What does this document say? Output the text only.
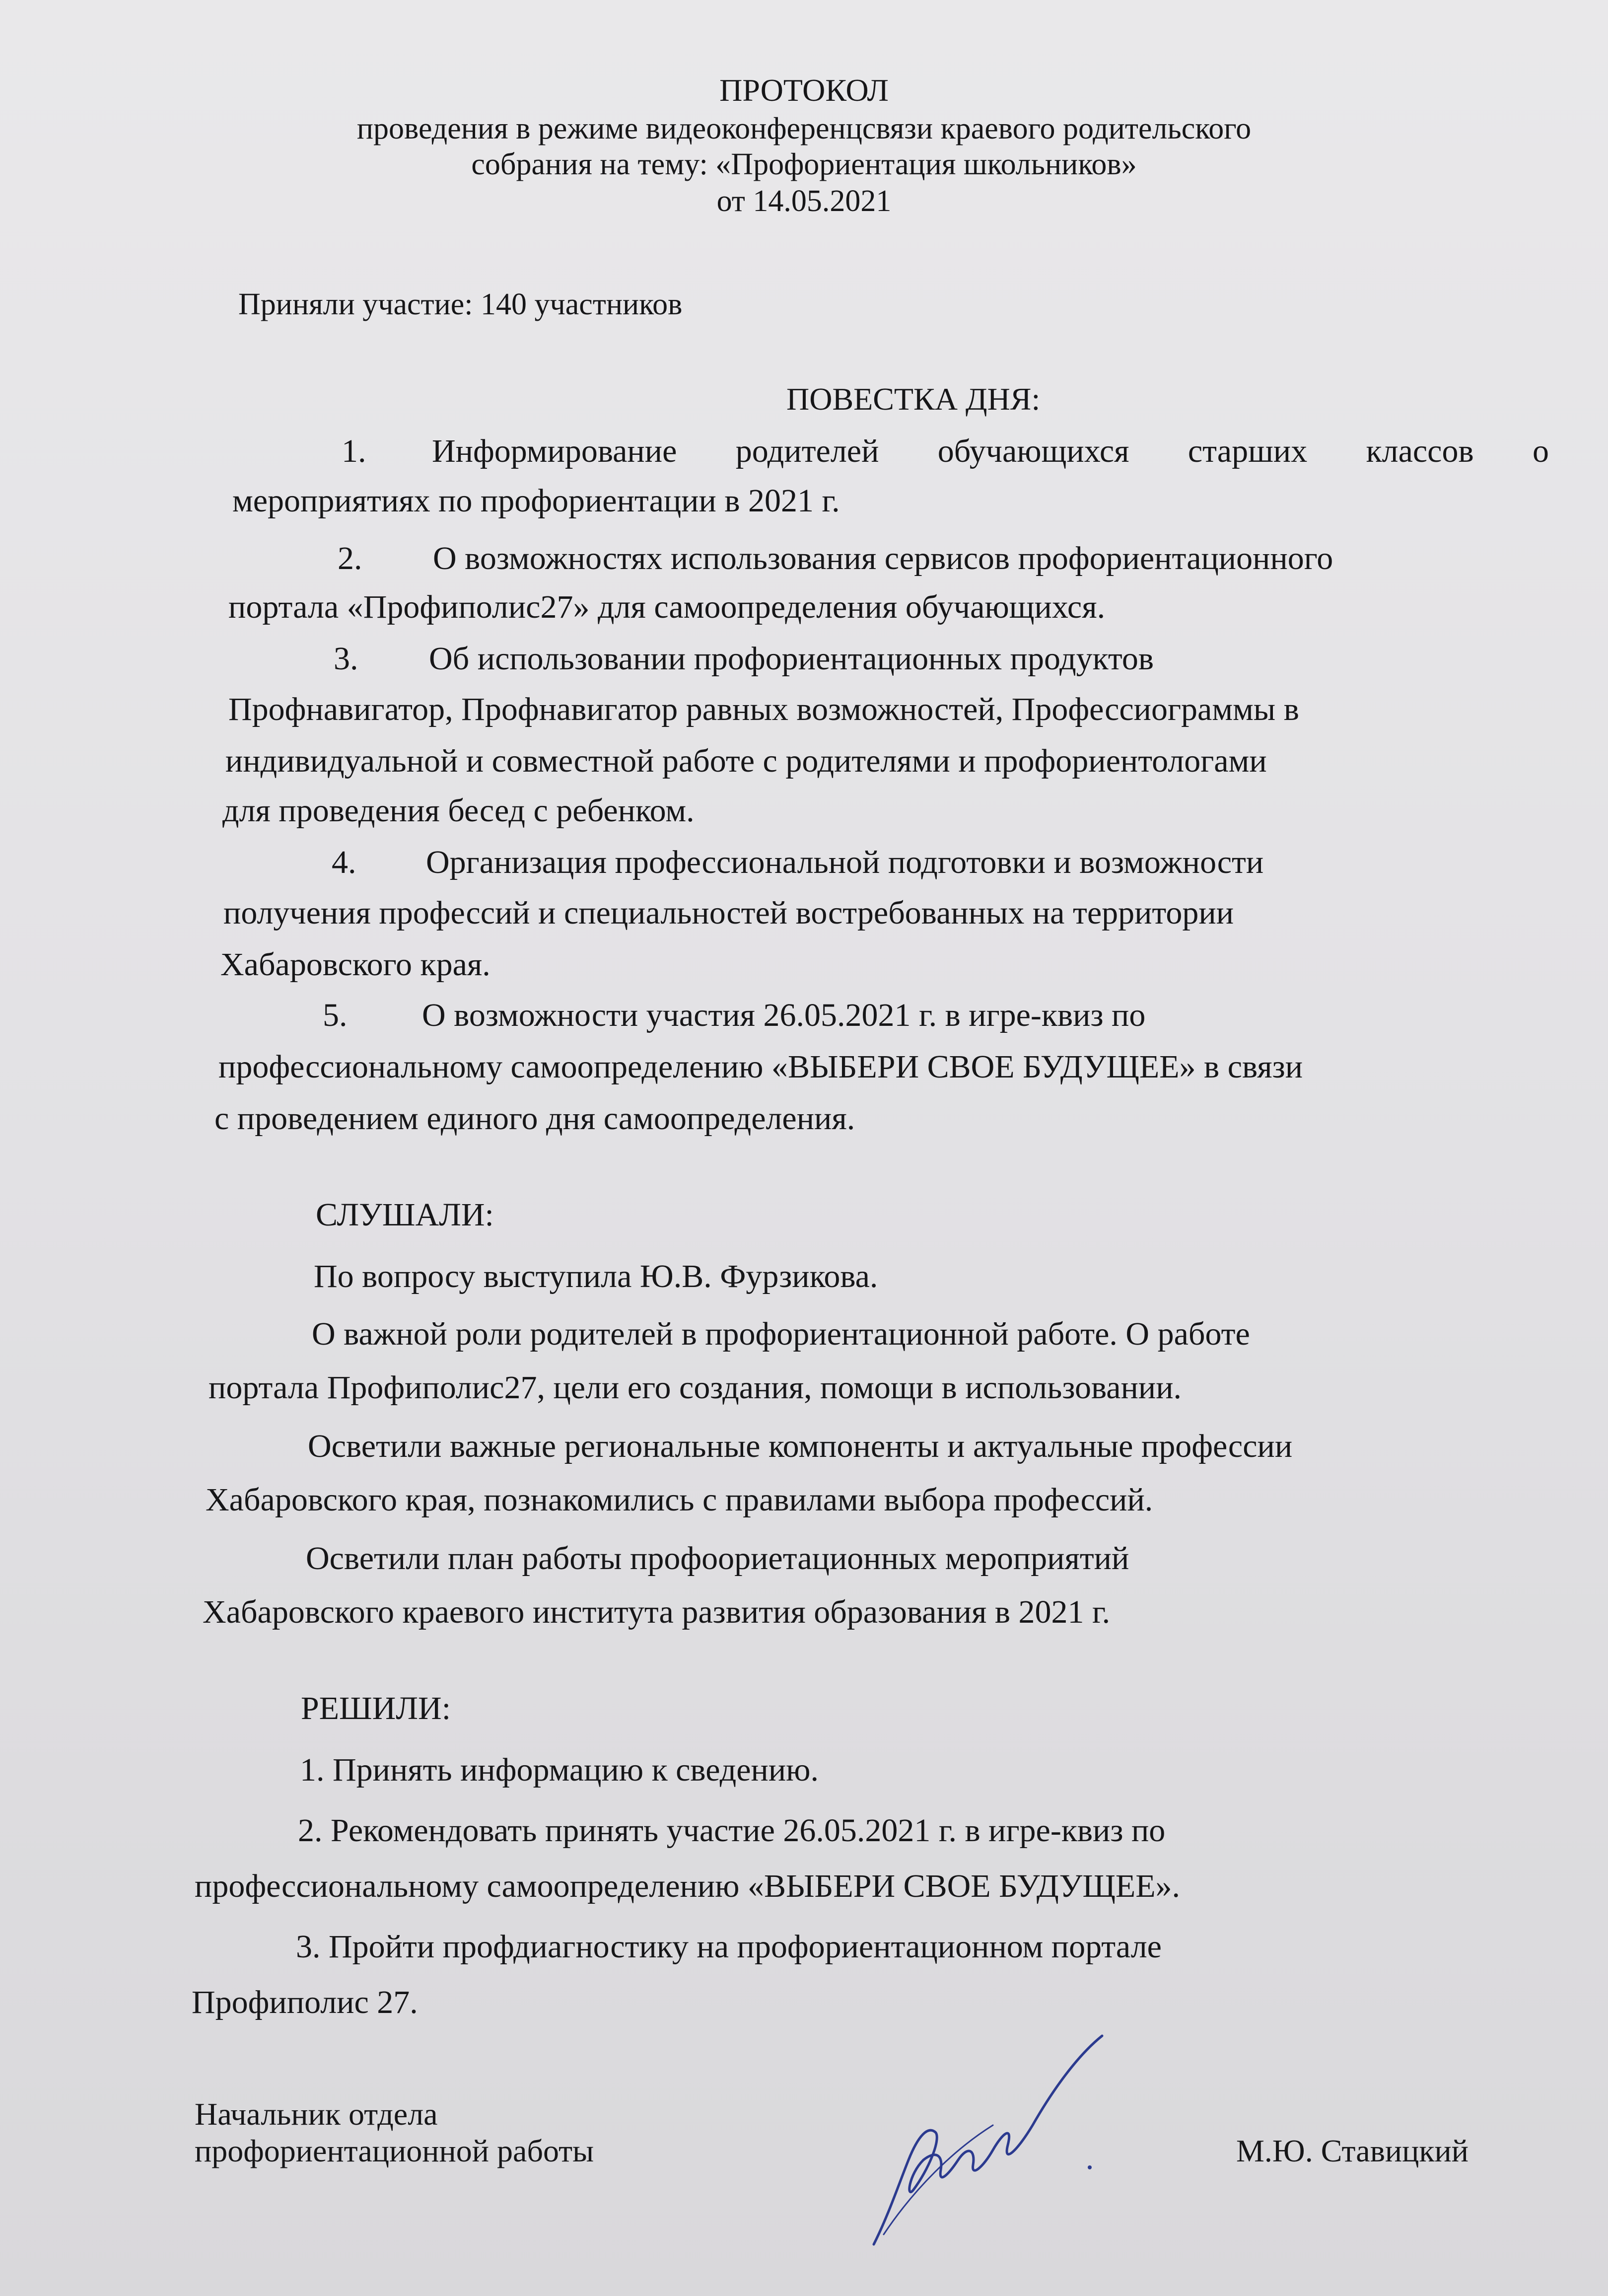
ПРОТОКОЛ
проведения в режиме видеоконференцсвязи краевого родительского
собрания на тему: «Профориентация школьников»
от 14.05.2021
Приняли участие: 140 участников
ПОВЕСТКА ДНЯ:
1. Информирование родителей обучающихся старших классов о
мероприятиях по профориентации в 2021 г.
2. О возможностях использования сервисов профориентационного
портала «Профиполис27» для самоопределения обучающихся.
3. Об использовании профориентационных продуктов
Профнавигатор, Профнавигатор равных возможностей, Профессиограммы в
индивидуальной и совместной работе с родителями и профориентологами
для проведения бесед с ребенком.
4. Организация профессиональной подготовки и возможности
получения профессий и специальностей востребованных на территории
Хабаровского края.
5. О возможности участия 26.05.2021 г. в игре-квиз по
профессиональному самоопределению «ВЫБЕРИ СВОЕ БУДУЩЕЕ» в связи
с проведением единого дня самоопределения.
СЛУШАЛИ:
По вопросу выступила Ю.В. Фурзикова.
О важной роли родителей в профориентационной работе. О работе
портала Профиполис27, цели его создания, помощи в использовании.
Осветили важные региональные компоненты и актуальные профессии
Хабаровского края, познакомились с правилами выбора профессий.
Осветили план работы профоориетационных мероприятий
Хабаровского краевого института развития образования в 2021 г.
РЕШИЛИ:
1. Принять информацию к сведению.
2. Рекомендовать принять участие 26.05.2021 г. в игре-квиз по
профессиональному самоопределению «ВЫБЕРИ СВОЕ БУДУЩЕЕ».
3. Пройти профдиагностику на профориентационном портале
Профиполис 27.
Начальник отдела
профориентационной работы	М.Ю. Ставицкий
